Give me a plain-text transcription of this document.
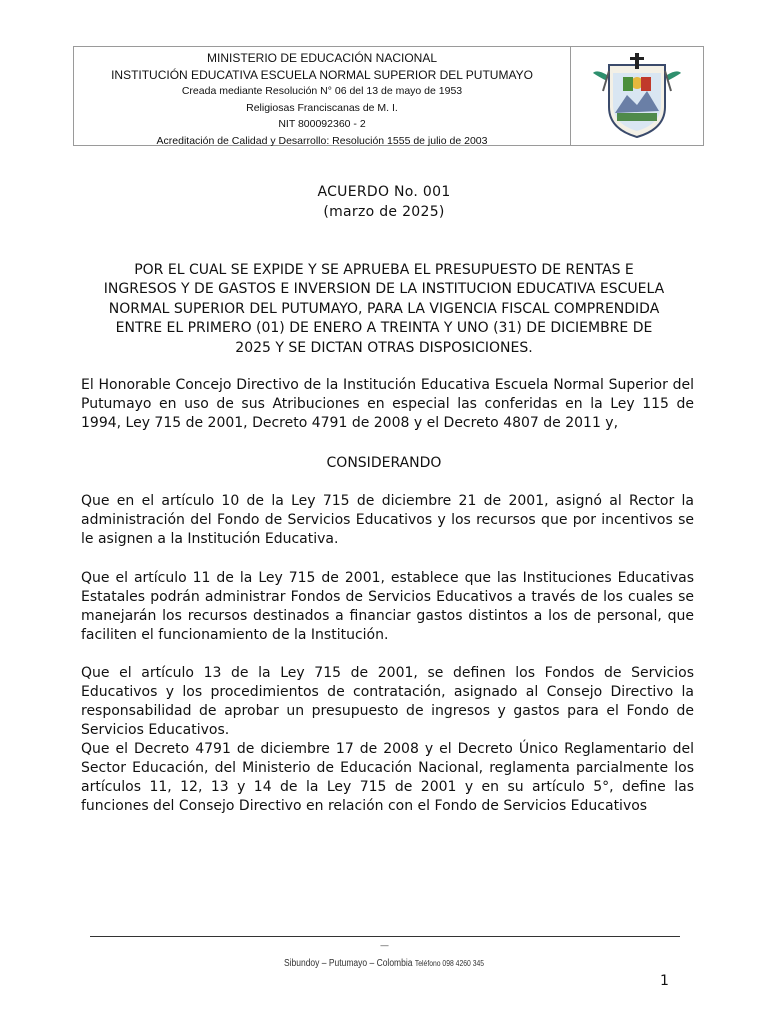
MINISTERIO DE EDUCACIÓN NACIONAL
INSTITUCIÓN EDUCATIVA ESCUELA NORMAL SUPERIOR DEL PUTUMAYO
Creada mediante Resolución N° 06 del 13 de mayo de 1953
Religiosas Franciscanas de M. I.
NIT 800092360 - 2
Acreditación de Calidad y Desarrollo: Resolución 1555 de julio de 2003
ACUERDO No. 001
(marzo de 2025)
POR EL CUAL SE EXPIDE Y SE APRUEBA EL PRESUPUESTO DE RENTAS E
INGRESOS Y DE GASTOS E INVERSION DE LA INSTITUCION EDUCATIVA ESCUELA
NORMAL SUPERIOR DEL PUTUMAYO, PARA LA VIGENCIA FISCAL COMPRENDIDA
ENTRE EL PRIMERO (01) DE ENERO A TREINTA Y UNO (31) DE DICIEMBRE DE
2025 Y SE DICTAN OTRAS DISPOSICIONES.
El Honorable Concejo Directivo de la Institución Educativa Escuela Normal Superior del Putumayo en uso de sus Atribuciones en especial las conferidas en la Ley 115 de 1994, Ley 715 de 2001, Decreto 4791 de 2008 y el Decreto 4807 de 2011 y,
CONSIDERANDO
Que en el artículo 10 de la Ley 715 de diciembre 21 de 2001, asignó al Rector la administración del Fondo de Servicios Educativos y los recursos que por incentivos se le asignen a la Institución Educativa.
Que el artículo 11 de la Ley 715 de 2001, establece que las Instituciones Educativas Estatales podrán administrar Fondos de Servicios Educativos a través de los cuales se manejarán los recursos destinados a financiar gastos distintos a los de personal, que faciliten el funcionamiento de la Institución.
Que el artículo 13 de la Ley 715 de 2001, se definen los Fondos de Servicios Educativos y los procedimientos de contratación, asignado al Consejo Directivo la responsabilidad de aprobar un presupuesto de ingresos y gastos para el Fondo de Servicios Educativos.
Que el Decreto 4791 de diciembre 17 de 2008 y el Decreto Único Reglamentario del Sector Educación, del Ministerio de Educación Nacional, reglamenta parcialmente los artículos 11, 12, 13 y 14 de la Ley 715 de 2001 y en su artículo 5°, define las funciones del Consejo Directivo en relación con el Fondo de Servicios Educativos
—
Sibundoy – Putumayo – Colombia Teléfono 098 4260 345
1
